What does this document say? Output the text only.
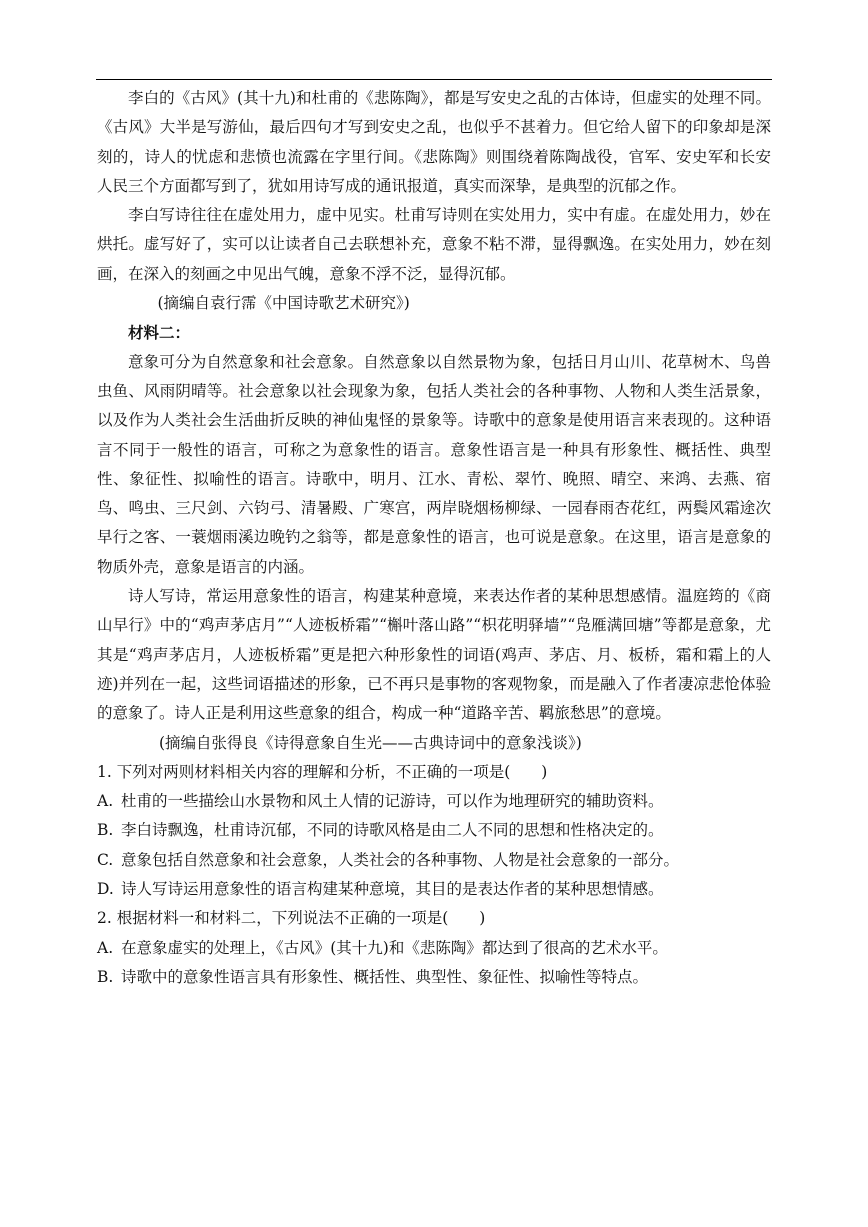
李白的《古风》(其十九)和杜甫的《悲陈陶》，都是写安史之乱的古体诗，但虚实的处理不同。《古风》大半是写游仙，最后四句才写到安史之乱，也似乎不甚着力。但它给人留下的印象却是深刻的，诗人的忧虑和悲愤也流露在字里行间。《悲陈陶》则围绕着陈陶战役，官军、安史军和长安人民三个方面都写到了，犹如用诗写成的通讯报道，真实而深挚，是典型的沉郁之作。

李白写诗往往在虚处用力，虚中见实。杜甫写诗则在实处用力，实中有虚。在虚处用力，妙在烘托。虚写好了，实可以让读者自己去联想补充，意象不粘不滞，显得飘逸。在实处用力，妙在刻画，在深入的刻画之中见出气魄，意象不浮不泛，显得沉郁。

(摘编自袁行霈《中国诗歌艺术研究》)

材料二：

意象可分为自然意象和社会意象。自然意象以自然景物为象，包括日月山川、花草树木、鸟兽虫鱼、风雨阴晴等。社会意象以社会现象为象，包括人类社会的各种事物、人物和人类生活景象，以及作为人类社会生活曲折反映的神仙鬼怪的景象等。诗歌中的意象是使用语言来表现的。这种语言不同于一般性的语言，可称之为意象性的语言。意象性语言是一种具有形象性、概括性、典型性、象征性、拟喻性的语言。诗歌中，明月、江水、青松、翠竹、晚照、晴空、来鸿、去燕、宿鸟、鸣虫、三尺剑、六钧弓、清暑殿、广寒宫，两岸晓烟杨柳绿、一园春雨杏花红，两鬓风霜途次早行之客、一蓑烟雨溪边晚钓之翁等，都是意象性的语言，也可说是意象。在这里，语言是意象的物质外壳，意象是语言的内涵。

诗人写诗，常运用意象性的语言，构建某种意境，来表达作者的某种思想感情。温庭筠的《商山早行》中的“鸡声茅店月”“人迹板桥霜”“槲叶落山路”“枳花明驿墙”“凫雁满回塘”等都是意象，尤其是“鸡声茅店月，人迹板桥霜”更是把六种形象性的词语(鸡声、茅店、月、板桥，霜和霜上的人迹)并列在一起，这些词语描述的形象，已不再只是事物的客观物象，而是融入了作者凄凉悲怆体验的意象了。诗人正是利用这些意象的组合，构成一种“道路辛苦、羁旅愁思”的意境。

(摘编自张得良《诗得意象自生光——古典诗词中的意象浅谈》)

1. 下列对两则材料相关内容的理解和分析，不正确的一项是(　　)

A. 杜甫的一些描绘山水景物和风土人情的记游诗，可以作为地理研究的辅助资料。
B. 李白诗飘逸，杜甫诗沉郁，不同的诗歌风格是由二人不同的思想和性格决定的。
C. 意象包括自然意象和社会意象，人类社会的各种事物、人物是社会意象的一部分。
D. 诗人写诗运用意象性的语言构建某种意境，其目的是表达作者的某种思想情感。

2. 根据材料一和材料二，下列说法不正确的一项是(　　)

A. 在意象虚实的处理上，《古风》(其十九)和《悲陈陶》都达到了很高的艺术水平。
B. 诗歌中的意象性语言具有形象性、概括性、典型性、象征性、拟喻性等特点。
